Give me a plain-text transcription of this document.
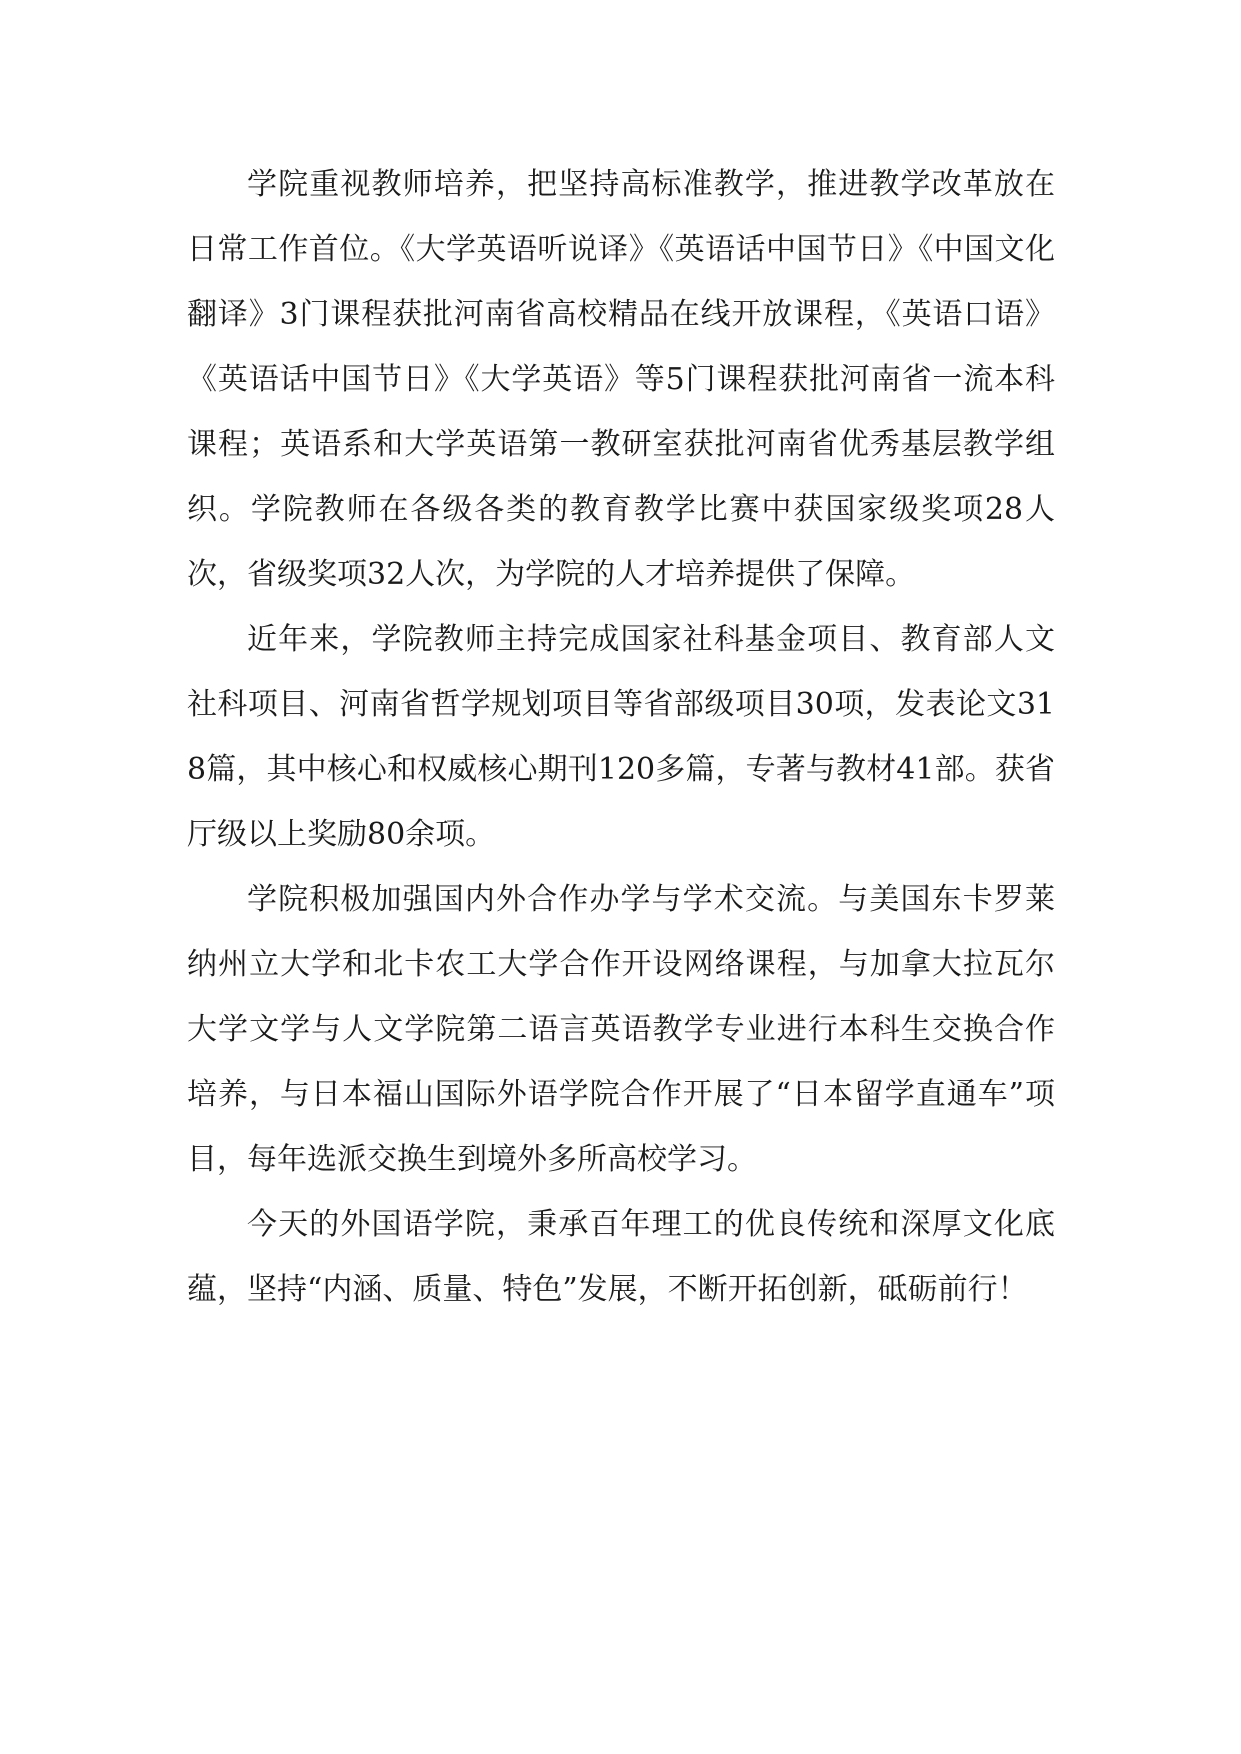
学院重视教师培养，把坚持高标准教学，推进教学改革放在日常工作首位。《大学英语听说译》《英语话中国节日》《中国文化翻译》3门课程获批河南省高校精品在线开放课程，《英语口语》《英语话中国节日》《大学英语》等5门课程获批河南省一流本科课程；英语系和大学英语第一教研室获批河南省优秀基层教学组织。学院教师在各级各类的教育教学比赛中获国家级奖项28人次，省级奖项32人次，为学院的人才培养提供了保障。

近年来，学院教师主持完成国家社科基金项目、教育部人文社科项目、河南省哲学规划项目等省部级项目30项，发表论文318篇，其中核心和权威核心期刊120多篇，专著与教材41部。获省厅级以上奖励80余项。

学院积极加强国内外合作办学与学术交流。与美国东卡罗莱纳州立大学和北卡农工大学合作开设网络课程，与加拿大拉瓦尔大学文学与人文学院第二语言英语教学专业进行本科生交换合作培养，与日本福山国际外语学院合作开展了“日本留学直通车”项目，每年选派交换生到境外多所高校学习。

今天的外国语学院，秉承百年理工的优良传统和深厚文化底蕴，坚持“内涵、质量、特色”发展，不断开拓创新，砥砺前行！
